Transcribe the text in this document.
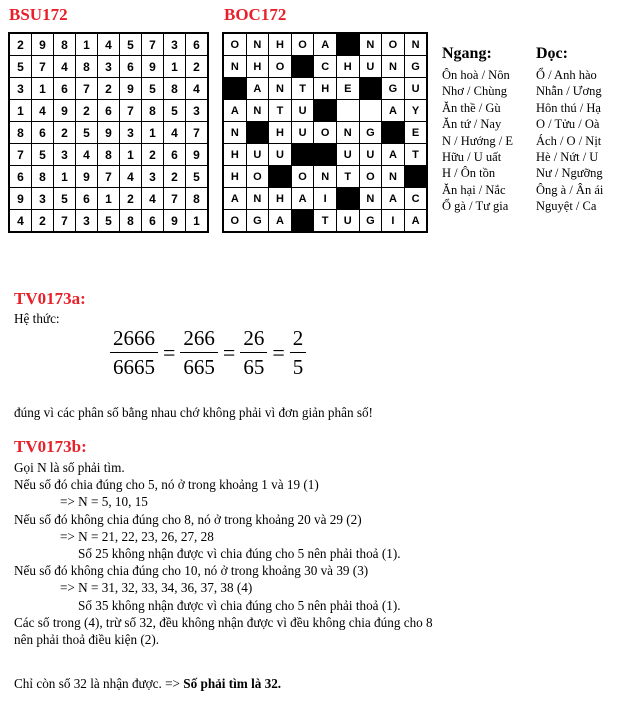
BSU172
2	9	8	1	4	5	7	3	6
5	7	4	8	3	6	9	1	2
3	1	6	7	2	9	5	8	4
1	4	9	2	6	7	8	5	3
8	6	2	5	9	3	1	4	7
7	5	3	4	8	1	2	6	9
6	8	1	9	7	4	3	2	5
9	3	5	6	1	2	4	7	8
4	2	7	3	5	8	6	9	1
BOC172
O	N	H	O	A		N	O	N
N	H	O		C	H	U	N	G
	A	N	T	H	E		G	U
A	N	T	U				A	Y
N		H	U	O	N	G		E
H	U	U			U	U	A	T
H	O		O	N	T	O	N	
A	N	H	A	I		N	A	C
O	G	A		T	U	G	I	A
Ngang:	Dọc:
Ôn hoà / Nôn
Nhơ / Chùng
Ăn thề / Gù
Ăn tứ / Nay
N / Hướng / E
Hữu / U uất
H / Ôn tồn
Ăn hại / Nắc
Ổ gà / Tư gia
Ổ / Anh hào
Nhẫn / Ương
Hôn thú / Hạ
O / Tửu / Oà
Ách / O / Nịt
Hè / Nứt / U
Nư / Ngưỡng
Ông à / Ân ái
Nguyệt / Ca
TV0173a:
Hệ thức:
$\frac{2666}{6665} = \frac{266}{665} = \frac{26}{65} = \frac{2}{5}$
đúng vì các phân số bằng nhau chớ không phải vì đơn giản phân số!
TV0173b:
Gọi N là số phải tìm.
Nếu số đó chia đúng cho 5, nó ở trong khoảng 1 và 19 (1)
=> N = 5, 10, 15
Nếu số đó không chia đúng cho 8, nó ở trong khoảng 20 và 29 (2)
=> N = 21, 22, 23, 26, 27, 28
Số 25 không nhận được vì chia đúng cho 5 nên phải thoả (1).
Nếu số đó không chia đúng cho 10, nó ở trong khoảng 30 và 39 (3)
=> N = 31, 32, 33, 34, 36, 37, 38 (4)
Số 35 không nhận được vì chia đúng cho 5 nên phải thoả (1).
Các số trong (4), trừ số 32, đều không nhận được vì đều không chia đúng cho 8
nên phải thoả điều kiện (2).
Chỉ còn số 32 là nhận được. => Số phải tìm là 32.
